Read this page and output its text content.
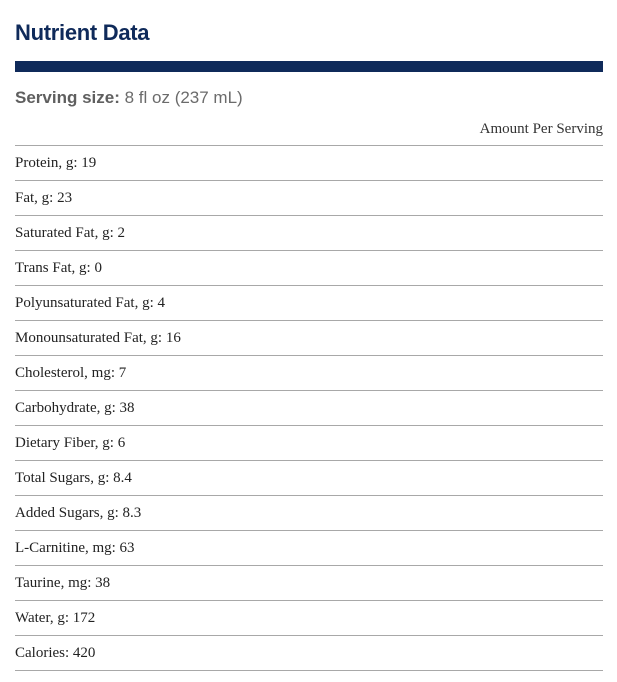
Nutrient Data
Serving size: 8 fl oz (237 mL)
Amount Per Serving
Protein, g: 19
Fat, g: 23
Saturated Fat, g: 2
Trans Fat, g: 0
Polyunsaturated Fat, g: 4
Monounsaturated Fat, g: 16
Cholesterol, mg: 7
Carbohydrate, g: 38
Dietary Fiber, g: 6
Total Sugars, g: 8.4
Added Sugars, g: 8.3
L-Carnitine, mg: 63
Taurine, mg: 38
Water, g: 172
Calories: 420
